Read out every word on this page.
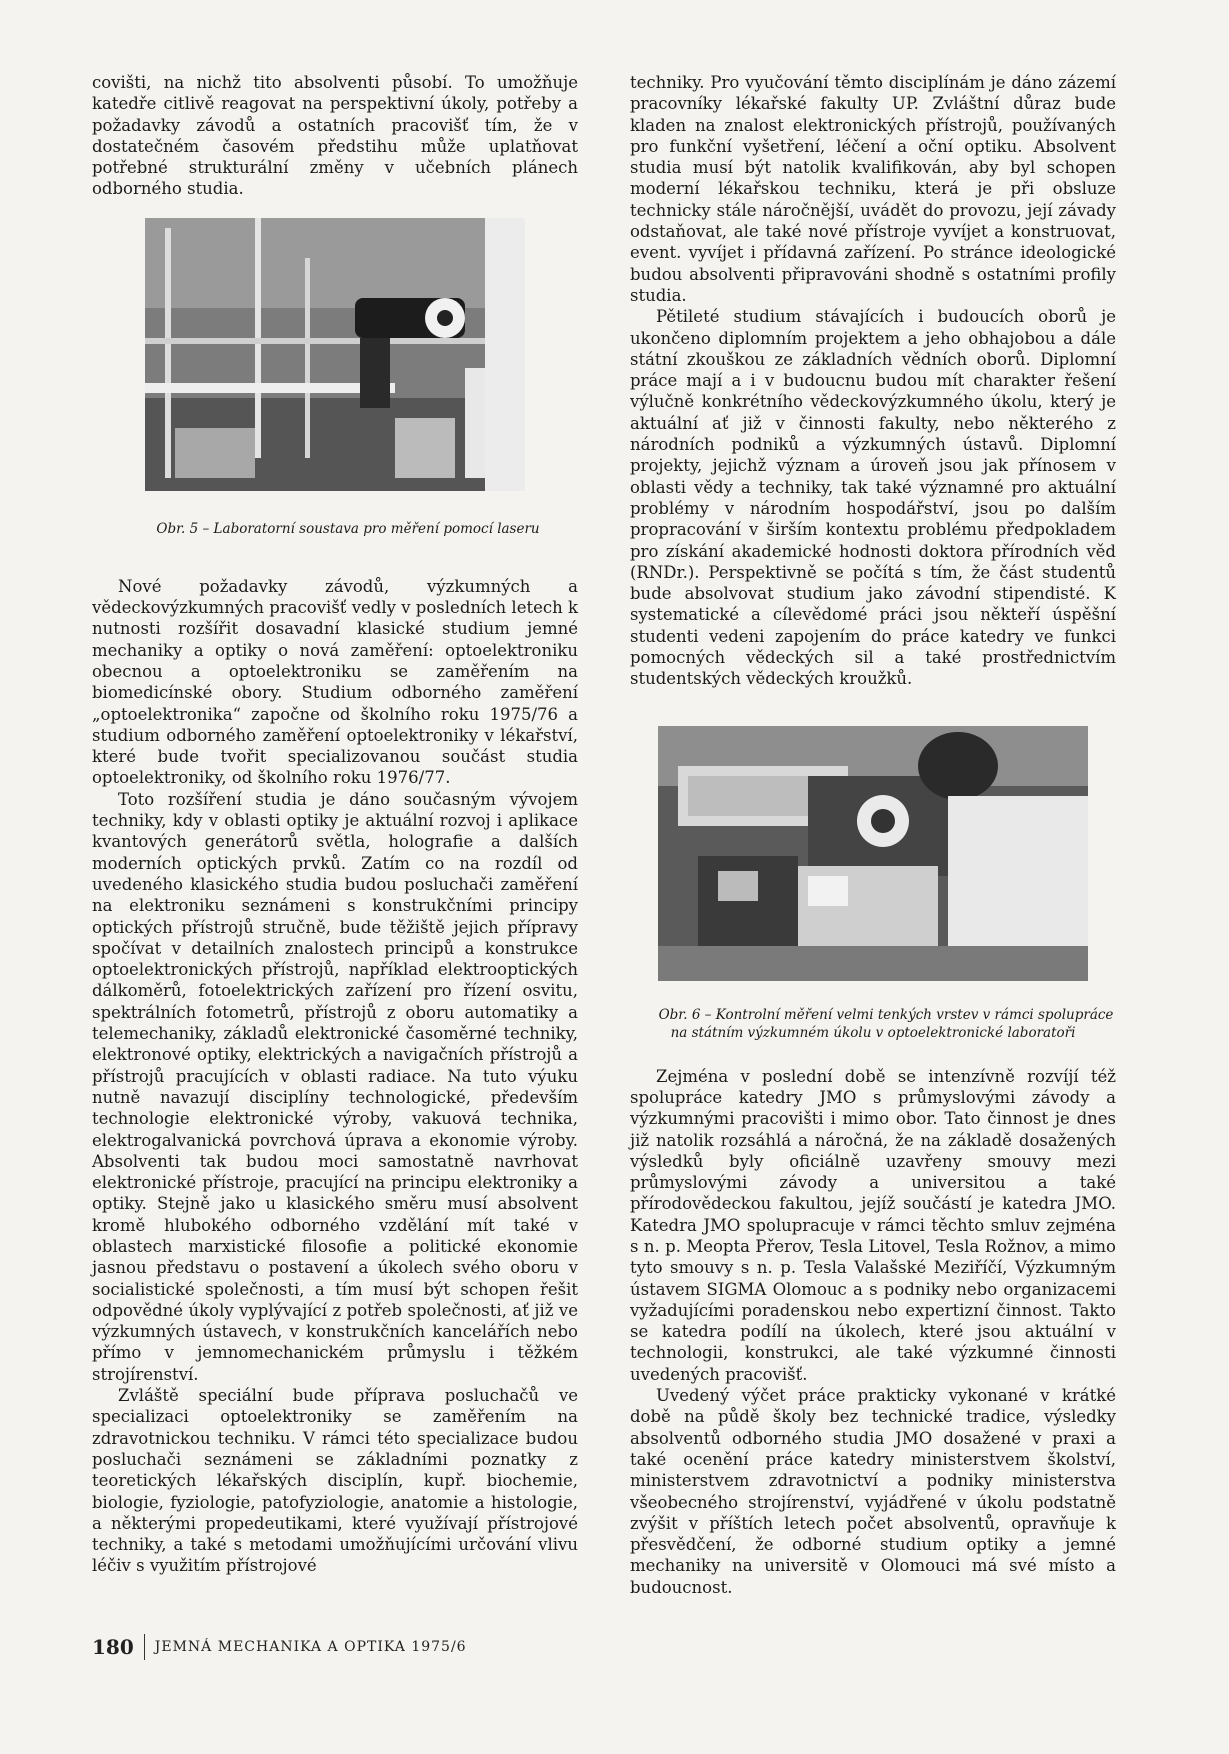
covišti, na nichž tito absolventi působí. To umožňuje katedře citlivě reagovat na perspektivní úkoly, potřeby a požadavky závodů a ostatních pracovišť tím, že v dostatečném časovém předstihu může uplatňovat potřebné strukturální změny v učebních plánech odborného studia.

Obr. 5 – Laboratorní soustava pro měření pomocí laseru

Nové požadavky závodů, výzkumných a vědeckovýzkumných pracovišť vedly v posledních letech k nutnosti rozšířit dosavadní klasické studium jemné mechaniky a optiky o nová zaměření: optoelektroniku obecnou a optoelektroniku se zaměřením na biomedicínské obory. Studium odborného zaměření „optoelektronika“ započne od školního roku 1975/76 a studium odborného zaměření optoelektroniky v lékařství, které bude tvořit specializovanou součást studia optoelektroniky, od školního roku 1976/77.

Toto rozšíření studia je dáno současným vývojem techniky, kdy v oblasti optiky je aktuální rozvoj i aplikace kvantových generátorů světla, holografie a dalších moderních optických prvků. Zatím co na rozdíl od uvedeného klasického studia budou posluchači zaměření na elektroniku seznámeni s konstrukčními principy optických přístrojů stručně, bude těžiště jejich přípravy spočívat v detailních znalostech principů a konstrukce optoelektronických přístrojů, například elektrooptických dálkoměrů, fotoelektrických zařízení pro řízení osvitu, spektrálních fotometrů, přístrojů z oboru automatiky a telemechaniky, základů elektronické časoměrné techniky, elektronové optiky, elektrických a navigačních přístrojů a přístrojů pracujících v oblasti radiace. Na tuto výuku nutně navazují disciplíny technologické, především technologie elektronické výroby, vakuová technika, elektrogalvanická povrchová úprava a ekonomie výroby. Absolventi tak budou moci samostatně navrhovat elektronické přístroje, pracující na principu elektroniky a optiky. Stejně jako u klasického směru musí absolvent kromě hlubokého odborného vzdělání mít také v oblastech marxistické filosofie a politické ekonomie jasnou představu o postavení a úkolech svého oboru v socialistické společnosti, a tím musí být schopen řešit odpovědné úkoly vyplývající z potřeb společnosti, ať již ve výzkumných ústavech, v konstrukčních kancelářích nebo přímo v jemnomechanickém průmyslu i těžkém strojírenství.

Zvláště speciální bude příprava posluchačů ve specializaci optoelektroniky se zaměřením na zdravotnickou techniku. V rámci této specializace budou posluchači seznámeni se základními poznatky z teoretických lékařských disciplín, kupř. biochemie, biologie, fyziologie, patofyziologie, anatomie a histologie, a některými propedeutikami, které využívají přístrojové techniky, a také s metodami umožňujícími určování vlivu léčiv s využitím přístrojové

techniky. Pro vyučování těmto disciplínám je dáno zázemí pracovníky lékařské fakulty UP. Zvláštní důraz bude kladen na znalost elektronických přístrojů, používaných pro funkční vyšetření, léčení a oční optiku. Absolvent studia musí být natolik kvalifikován, aby byl schopen moderní lékařskou techniku, která je při obsluze technicky stále náročnější, uvádět do provozu, její závady odstaňovat, ale také nové přístroje vyvíjet a konstruovat, event. vyvíjet i přídavná zařízení. Po stránce ideologické budou absolventi připravováni shodně s ostatními profily studia.

Pětileté studium stávajících i budoucích oborů je ukončeno diplomním projektem a jeho obhajobou a dále státní zkouškou ze základních vědních oborů. Diplomní práce mají a i v budoucnu budou mít charakter řešení výlučně konkrétního vědeckovýzkumného úkolu, který je aktuální ať již v činnosti fakulty, nebo některého z národních podniků a výzkumných ústavů. Diplomní projekty, jejichž význam a úroveň jsou jak přínosem v oblasti vědy a techniky, tak také významné pro aktuální problémy v národním hospodářství, jsou po dalším propracování v širším kontextu problému předpokladem pro získání akademické hodnosti doktora přírodních věd (RNDr.). Perspektivně se počítá s tím, že část studentů bude absolvovat studium jako závodní stipendisté. K systematické a cílevědomé práci jsou někteří úspěšní studenti vedeni zapojením do práce katedry ve funkci pomocných vědeckých sil a také prostřednictvím studentských vědeckých kroužků.

Obr. 6 – Kontrolní měření velmi tenkých vrstev v rámci spolupráce na státním výzkumném úkolu v optoelektronické laboratoři

Zejména v poslední době se intenzívně rozvíjí též spolupráce katedry JMO s průmyslovými závody a výzkumnými pracovišti i mimo obor. Tato činnost je dnes již natolik rozsáhlá a náročná, že na základě dosažených výsledků byly oficiálně uzavřeny smouvy mezi průmyslovými závody a universitou a také přírodovědeckou fakultou, jejíž součástí je katedra JMO. Katedra JMO spolupracuje v rámci těchto smluv zejména s n. p. Meopta Přerov, Tesla Litovel, Tesla Rožnov, a mimo tyto smouvy s n. p. Tesla Valašské Meziříčí, Výzkumným ústavem SIGMA Olomouc a s podniky nebo organizacemi vyžadujícími poradenskou nebo expertizní činnost. Takto se katedra podílí na úkolech, které jsou aktuální v technologii, konstrukci, ale také výzkumné činnosti uvedených pracovišť.

Uvedený výčet práce prakticky vykonané v krátké době na půdě školy bez technické tradice, výsledky absolventů odborného studia JMO dosažené v praxi a také ocenění práce katedry ministerstvem školství, ministerstvem zdravotnictví a podniky ministerstva všeobecného strojírenství, vyjádřené v úkolu podstatně zvýšit v příštích letech počet absolventů, opravňuje k přesvědčení, že odborné studium optiky a jemné mechaniky na universitě v Olomouci má své místo a budoucnost.

180 JEMNÁ MECHANIKA A OPTIKA 1975/6
